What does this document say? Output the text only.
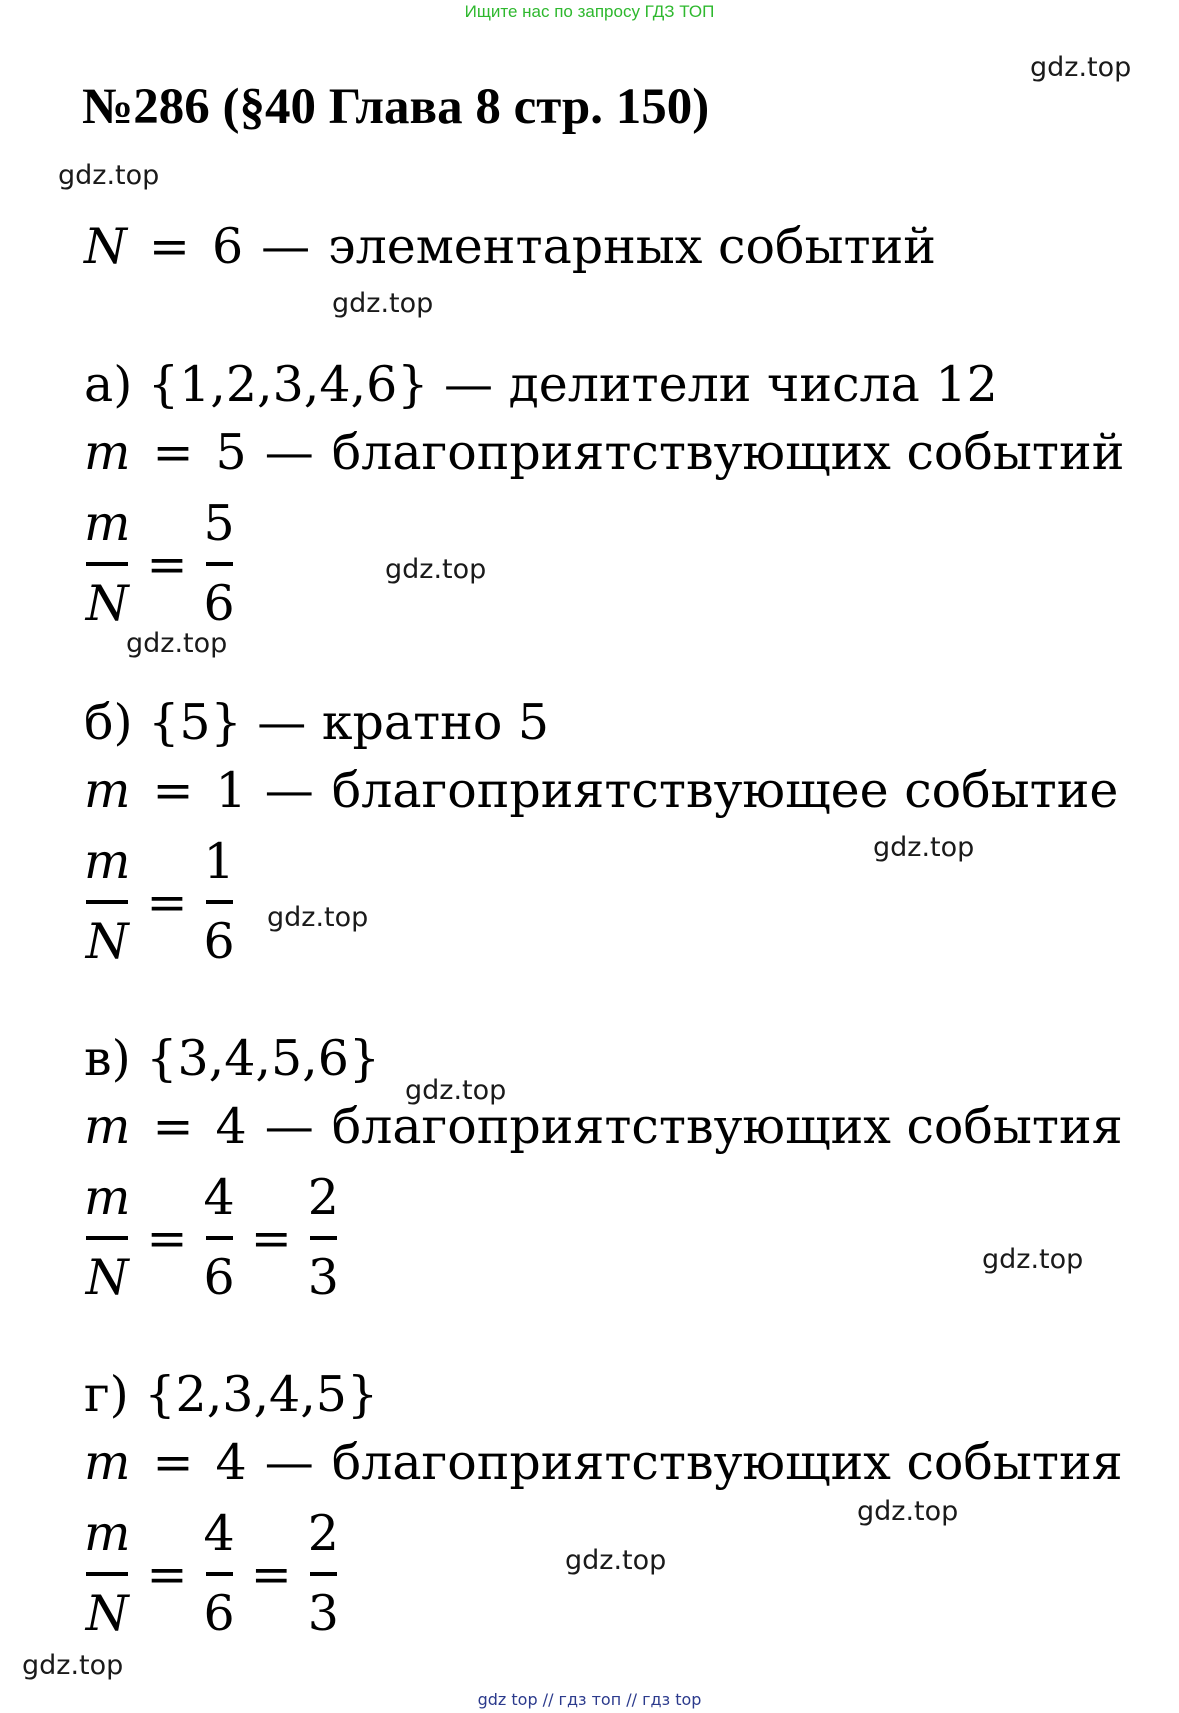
Ищите нас по запросу ГДЗ ТОП
№286 (§40 Глава 8 стр. 150)
gdz.top
gdz.top
gdz.top
gdz.top
gdz.top
gdz.top
gdz.top
gdz.top
gdz.top
gdz.top
gdz.top
gdz.top
N = 6 — элементарных событий
а) {1,2,3,4,6} — делители числа 12
m = 5 — благоприятствующих событий
$\frac{m}{N} = \frac{5}{6}$
б) {5} — кратно 5
m = 1 — благоприятствующее событие
$\frac{m}{N} = \frac{1}{6}$
в) {3,4,5,6}
m = 4 — благоприятствующих события
$\frac{m}{N} = \frac{4}{6} = \frac{2}{3}$
г) {2,3,4,5}
m = 4 — благоприятствующих события
$\frac{m}{N} = \frac{4}{6} = \frac{2}{3}$
gdz top // гдз топ // гдз top
